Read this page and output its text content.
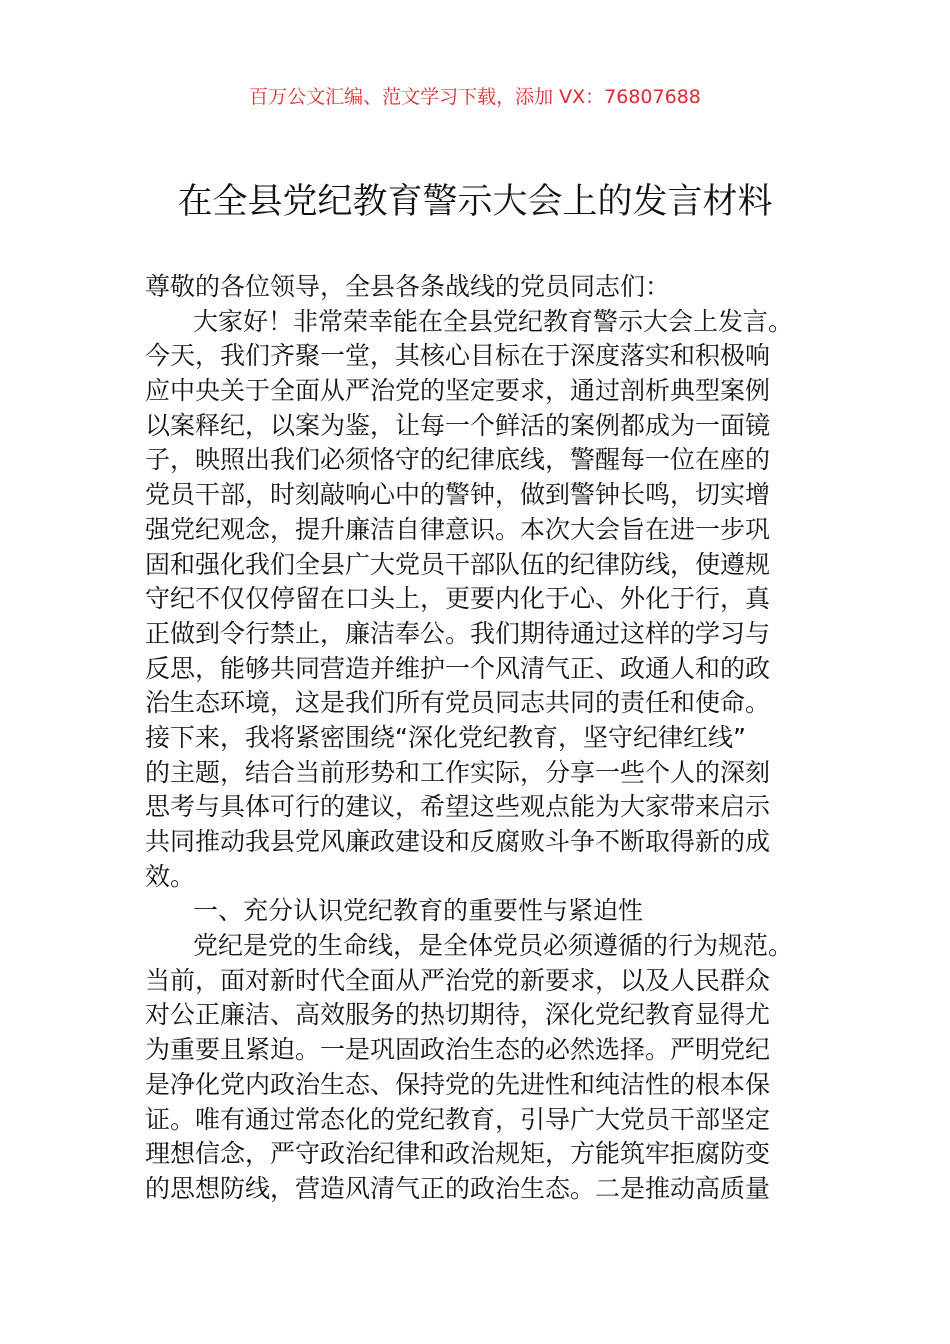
百万公文汇编、范文学习下载，添加 VX：76807688
在全县党纪教育警示大会上的发言材料
尊敬的各位领导，全县各条战线的党员同志们：
大家好！非常荣幸能在全县党纪教育警示大会上发言。
今天，我们齐聚一堂，其核心目标在于深度落实和积极响
应中央关于全面从严治党的坚定要求，通过剖析典型案例
以案释纪，以案为鉴，让每一个鲜活的案例都成为一面镜
子，映照出我们必须恪守的纪律底线，警醒每一位在座的
党员干部，时刻敲响心中的警钟，做到警钟长鸣，切实增
强党纪观念，提升廉洁自律意识。本次大会旨在进一步巩
固和强化我们全县广大党员干部队伍的纪律防线，使遵规
守纪不仅仅停留在口头上，更要内化于心、外化于行，真
正做到令行禁止，廉洁奉公。我们期待通过这样的学习与
反思，能够共同营造并维护一个风清气正、政通人和的政
治生态环境，这是我们所有党员同志共同的责任和使命。
接下来，我将紧密围绕“深化党纪教育，坚守纪律红线”
的主题，结合当前形势和工作实际，分享一些个人的深刻
思考与具体可行的建议，希望这些观点能为大家带来启示
共同推动我县党风廉政建设和反腐败斗争不断取得新的成
效。
一、充分认识党纪教育的重要性与紧迫性
党纪是党的生命线，是全体党员必须遵循的行为规范。
当前，面对新时代全面从严治党的新要求，以及人民群众
对公正廉洁、高效服务的热切期待，深化党纪教育显得尤
为重要且紧迫。一是巩固政治生态的必然选择。严明党纪
是净化党内政治生态、保持党的先进性和纯洁性的根本保
证。唯有通过常态化的党纪教育，引导广大党员干部坚定
理想信念，严守政治纪律和政治规矩，方能筑牢拒腐防变
的思想防线，营造风清气正的政治生态。二是推动高质量
